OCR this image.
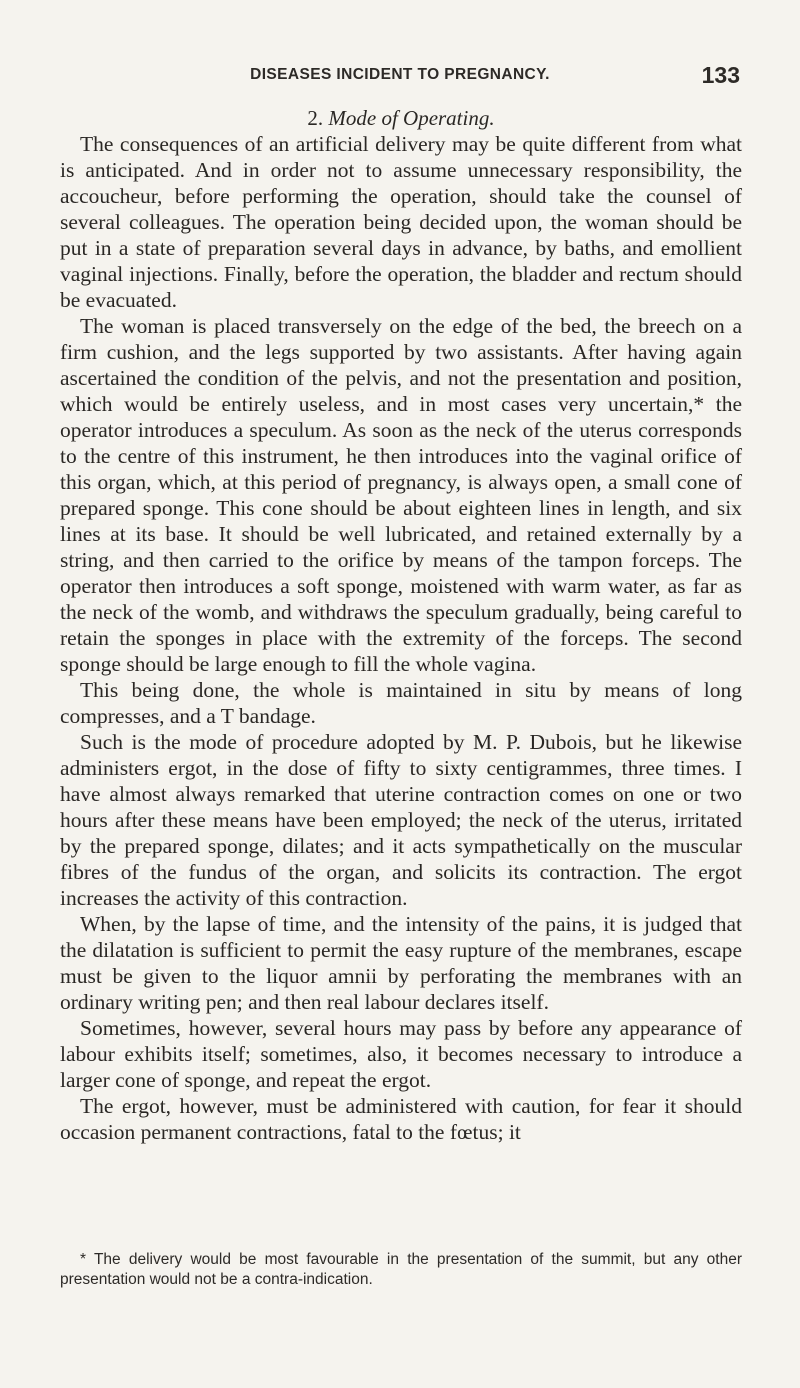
DISEASES INCIDENT TO PREGNANCY.	133

2. Mode of Operating.

The consequences of an artificial delivery may be quite different from what is anticipated. And in order not to assume unnecessary responsibility, the accoucheur, before performing the operation, should take the counsel of several colleagues. The operation being decided upon, the woman should be put in a state of preparation several days in advance, by baths, and emollient vaginal injections. Finally, before the operation, the bladder and rectum should be evacuated.

The woman is placed transversely on the edge of the bed, the breech on a firm cushion, and the legs supported by two assistants. After having again ascertained the condition of the pelvis, and not the presentation and position, which would be entirely useless, and in most cases very uncertain,* the operator introduces a speculum. As soon as the neck of the uterus corresponds to the centre of this instrument, he then introduces into the vaginal orifice of this organ, which, at this period of pregnancy, is always open, a small cone of prepared sponge. This cone should be about eighteen lines in length, and six lines at its base. It should be well lubricated, and retained externally by a string, and then carried to the orifice by means of the tampon forceps. The operator then introduces a soft sponge, moistened with warm water, as far as the neck of the womb, and withdraws the speculum gradually, being careful to retain the sponges in place with the extremity of the forceps. The second sponge should be large enough to fill the whole vagina.

This being done, the whole is maintained in situ by means of long compresses, and a T bandage.

Such is the mode of procedure adopted by M. P. Dubois, but he likewise administers ergot, in the dose of fifty to sixty centigrammes, three times. I have almost always remarked that uterine contraction comes on one or two hours after these means have been employed; the neck of the uterus, irritated by the prepared sponge, dilates; and it acts sympathetically on the muscular fibres of the fundus of the organ, and solicits its contraction. The ergot increases the activity of this contraction.

When, by the lapse of time, and the intensity of the pains, it is judged that the dilatation is sufficient to permit the easy rupture of the membranes, escape must be given to the liquor amnii by perforating the membranes with an ordinary writing pen; and then real labour declares itself.

Sometimes, however, several hours may pass by before any appearance of labour exhibits itself; sometimes, also, it becomes necessary to introduce a larger cone of sponge, and repeat the ergot.

The ergot, however, must be administered with caution, for fear it should occasion permanent contractions, fatal to the fœtus; it

* The delivery would be most favourable in the presentation of the summit, but any other presentation would not be a contra-indication.
